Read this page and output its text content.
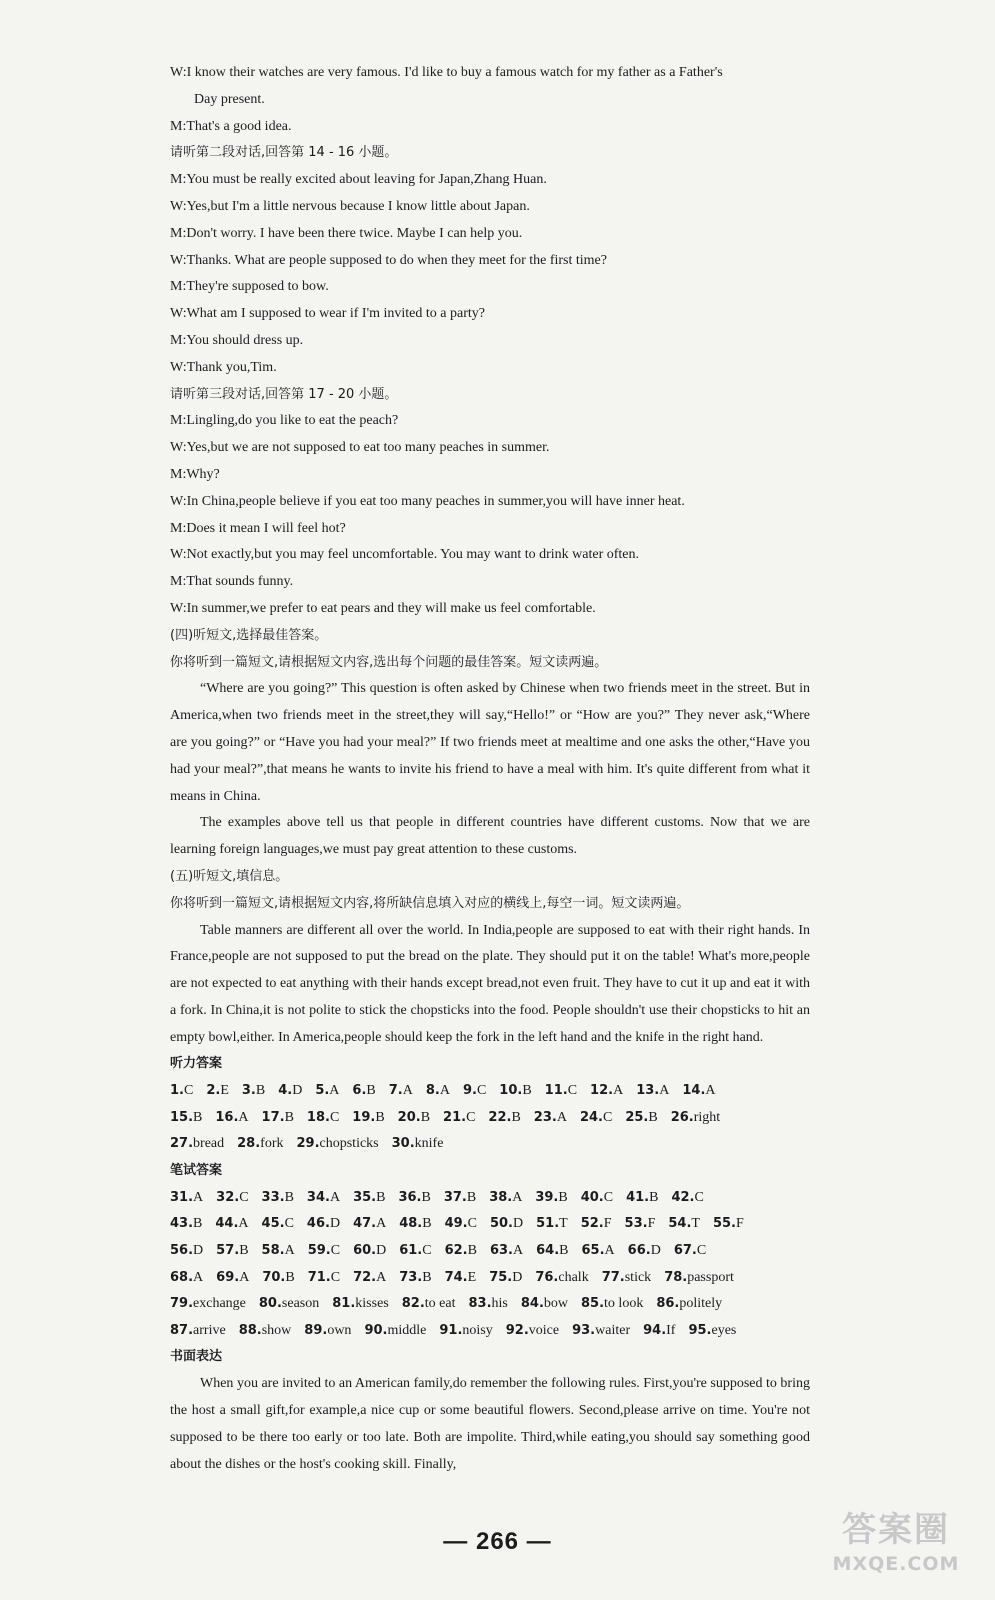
W:I know their watches are very famous. I'd like to buy a famous watch for my father as a Father's
Day present.
M:That's a good idea.
请听第二段对话,回答第 14 - 16 小题。
M:You must be really excited about leaving for Japan,Zhang Huan.
W:Yes,but I'm a little nervous because I know little about Japan.
M:Don't worry. I have been there twice. Maybe I can help you.
W:Thanks. What are people supposed to do when they meet for the first time?
M:They're supposed to bow.
W:What am I supposed to wear if I'm invited to a party?
M:You should dress up.
W:Thank you,Tim.
请听第三段对话,回答第 17 - 20 小题。
M:Lingling,do you like to eat the peach?
W:Yes,but we are not supposed to eat too many peaches in summer.
M:Why?
W:In China,people believe if you eat too many peaches in summer,you will have inner heat.
M:Does it mean I will feel hot?
W:Not exactly,but you may feel uncomfortable. You may want to drink water often.
M:That sounds funny.
W:In summer,we prefer to eat pears and they will make us feel comfortable.
(四)听短文,选择最佳答案。
你将听到一篇短文,请根据短文内容,选出每个问题的最佳答案。短文读两遍。
“Where are you going?” This question is often asked by Chinese when two friends meet in the street. But in America,when two friends meet in the street,they will say,“Hello!” or “How are you?” They never ask,“Where are you going?” or “Have you had your meal?” If two friends meet at mealtime and one asks the other,“Have you had your meal?”,that means he wants to invite his friend to have a meal with him. It's quite different from what it means in China.
The examples above tell us that people in different countries have different customs. Now that we are learning foreign languages,we must pay great attention to these customs.
(五)听短文,填信息。
你将听到一篇短文,请根据短文内容,将所缺信息填入对应的横线上,每空一词。短文读两遍。
Table manners are different all over the world. In India,people are supposed to eat with their right hands. In France,people are not supposed to put the bread on the plate. They should put it on the table! What's more,people are not expected to eat anything with their hands except bread,not even fruit. They have to cut it up and eat it with a fork. In China,it is not polite to stick the chopsticks into the food. People shouldn't use their chopsticks to hit an empty bowl,either. In America,people should keep the fork in the left hand and the knife in the right hand.
听力答案
1.C 2.E 3.B 4.D 5.A 6.B 7.A 8.A 9.C 10.B 11.C 12.A 13.A 14.A
15.B 16.A 17.B 18.C 19.B 20.B 21.C 22.B 23.A 24.C 25.B 26.right
27.bread 28.fork 29.chopsticks 30.knife
笔试答案
31.A 32.C 33.B 34.A 35.B 36.B 37.B 38.A 39.B 40.C 41.B 42.C
43.B 44.A 45.C 46.D 47.A 48.B 49.C 50.D 51.T 52.F 53.F 54.T 55.F
56.D 57.B 58.A 59.C 60.D 61.C 62.B 63.A 64.B 65.A 66.D 67.C
68.A 69.A 70.B 71.C 72.A 73.B 74.E 75.D 76.chalk 77.stick 78.passport
79.exchange 80.season 81.kisses 82.to eat 83.his 84.bow 85.to look 86.politely
87.arrive 88.show 89.own 90.middle 91.noisy 92.voice 93.waiter 94.If 95.eyes
书面表达
When you are invited to an American family,do remember the following rules. First,you're supposed to bring the host a small gift,for example,a nice cup or some beautiful flowers. Second,please arrive on time. You're not supposed to be there too early or too late. Both are impolite. Third,while eating,you should say something good about the dishes or the host's cooking skill. Finally,
— 266 —	答案圈
MXQE.COM
